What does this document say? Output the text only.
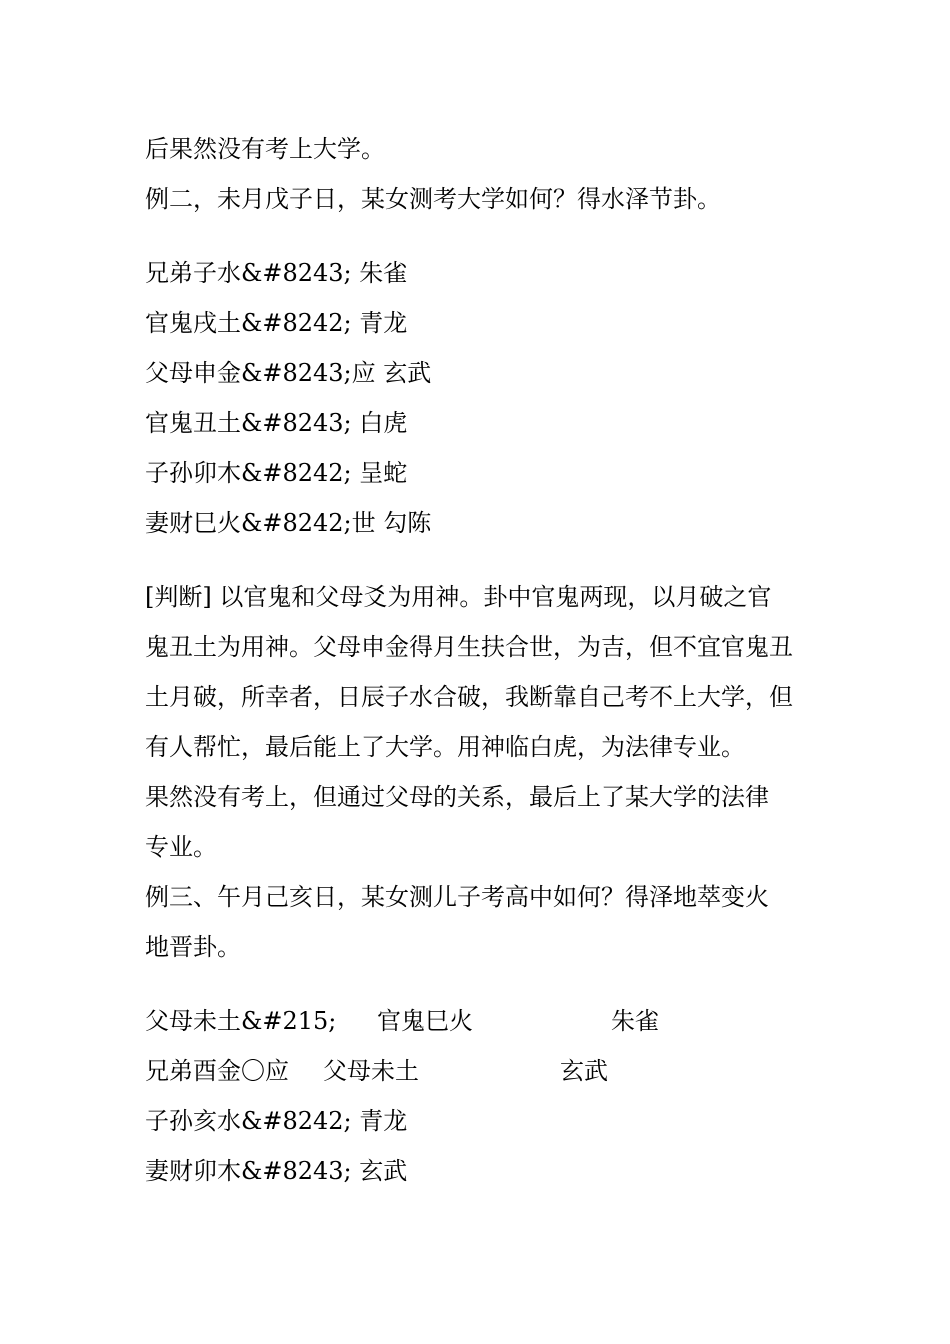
后果然没有考上大学。
例二，未月戊子日，某女测考大学如何？得水泽节卦。
兄弟子水&#8243; 朱雀
官鬼戌土&#8242; 青龙
父母申金&#8243;应 玄武
官鬼丑土&#8243; 白虎
子孙卯木&#8242; 呈蛇
妻财巳火&#8242;世 勾陈
[判断] 以官鬼和父母爻为用神。卦中官鬼两现，以月破之官
鬼丑土为用神。父母申金得月生扶合世，为吉，但不宜官鬼丑
土月破，所幸者，日辰子水合破，我断靠自己考不上大学，但
有人帮忙，最后能上了大学。用神临白虎，为法律专业。
果然没有考上，但通过父母的关系，最后上了某大学的法律
专业。
例三、午月己亥日，某女测儿子考高中如何？得泽地萃变火
地晋卦。
父母未土&#215; 官鬼巳火	朱雀
兄弟酉金〇应 父母未土	玄武
子孙亥水&#8242; 青龙
妻财卯木&#8243; 玄武
